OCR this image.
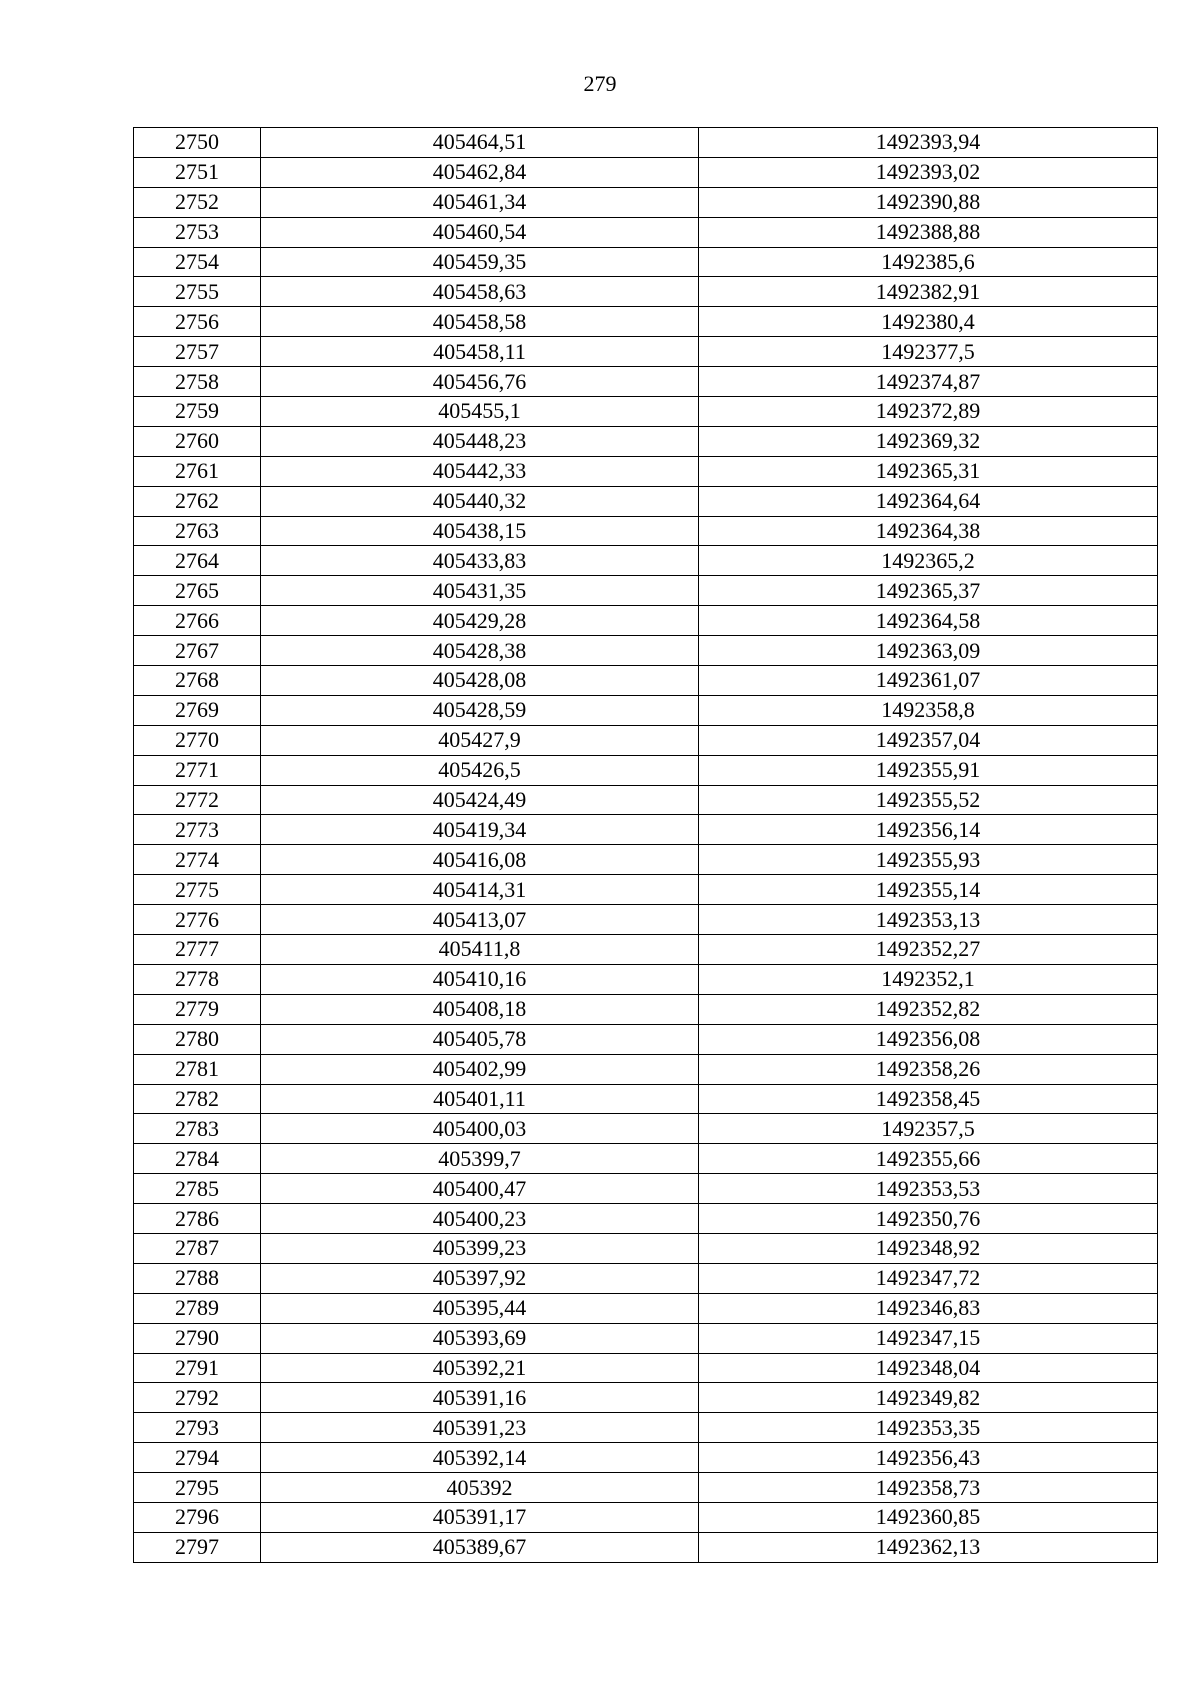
279
2750	405464,51	1492393,94
2751	405462,84	1492393,02
2752	405461,34	1492390,88
2753	405460,54	1492388,88
2754	405459,35	1492385,6
2755	405458,63	1492382,91
2756	405458,58	1492380,4
2757	405458,11	1492377,5
2758	405456,76	1492374,87
2759	405455,1	1492372,89
2760	405448,23	1492369,32
2761	405442,33	1492365,31
2762	405440,32	1492364,64
2763	405438,15	1492364,38
2764	405433,83	1492365,2
2765	405431,35	1492365,37
2766	405429,28	1492364,58
2767	405428,38	1492363,09
2768	405428,08	1492361,07
2769	405428,59	1492358,8
2770	405427,9	1492357,04
2771	405426,5	1492355,91
2772	405424,49	1492355,52
2773	405419,34	1492356,14
2774	405416,08	1492355,93
2775	405414,31	1492355,14
2776	405413,07	1492353,13
2777	405411,8	1492352,27
2778	405410,16	1492352,1
2779	405408,18	1492352,82
2780	405405,78	1492356,08
2781	405402,99	1492358,26
2782	405401,11	1492358,45
2783	405400,03	1492357,5
2784	405399,7	1492355,66
2785	405400,47	1492353,53
2786	405400,23	1492350,76
2787	405399,23	1492348,92
2788	405397,92	1492347,72
2789	405395,44	1492346,83
2790	405393,69	1492347,15
2791	405392,21	1492348,04
2792	405391,16	1492349,82
2793	405391,23	1492353,35
2794	405392,14	1492356,43
2795	405392	1492358,73
2796	405391,17	1492360,85
2797	405389,67	1492362,13
